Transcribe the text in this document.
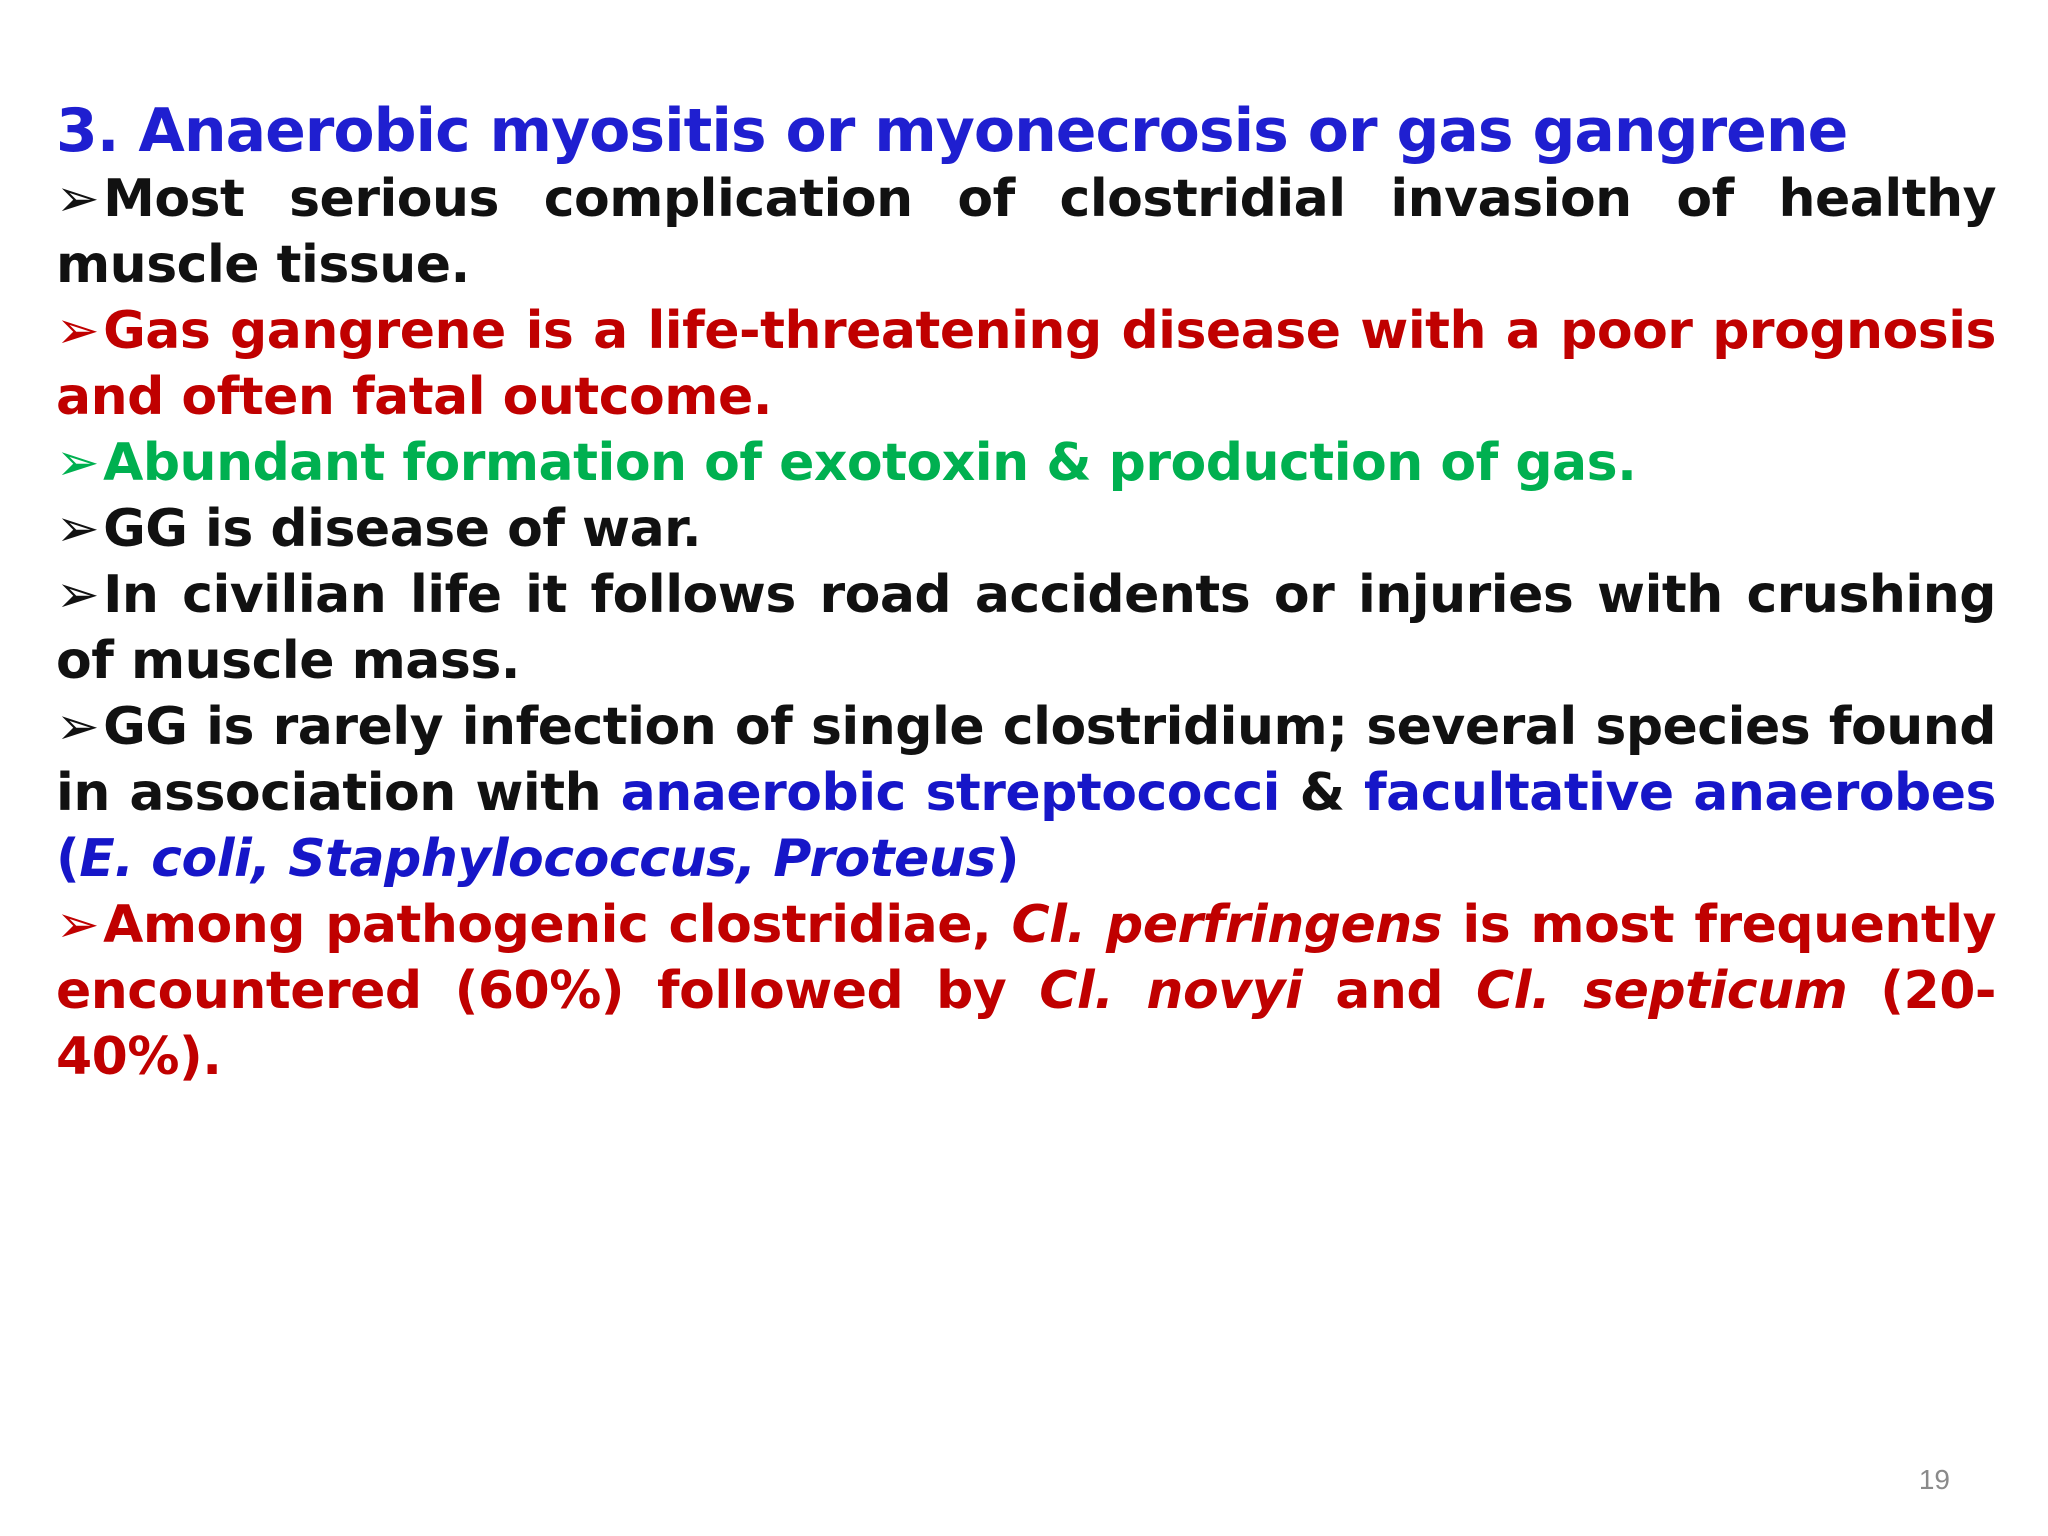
3. Anaerobic myositis or myonecrosis or gas gangrene

➢Most serious complication of clostridial invasion of healthy muscle tissue.

➢Gas gangrene is a life-threatening disease with a poor prognosis and often fatal outcome.

➢Abundant formation of exotoxin & production of gas.

➢GG is disease of war.

➢In civilian life it follows road accidents or injuries with crushing of muscle mass.

➢GG is rarely infection of single clostridium; several species found in association with anaerobic streptococci & facultative anaerobes (E. coli, Staphylococcus, Proteus)

➢Among pathogenic clostridiae, Cl. perfringens is most frequently encountered (60%) followed by Cl. novyi and Cl. septicum (20-40%).

19
